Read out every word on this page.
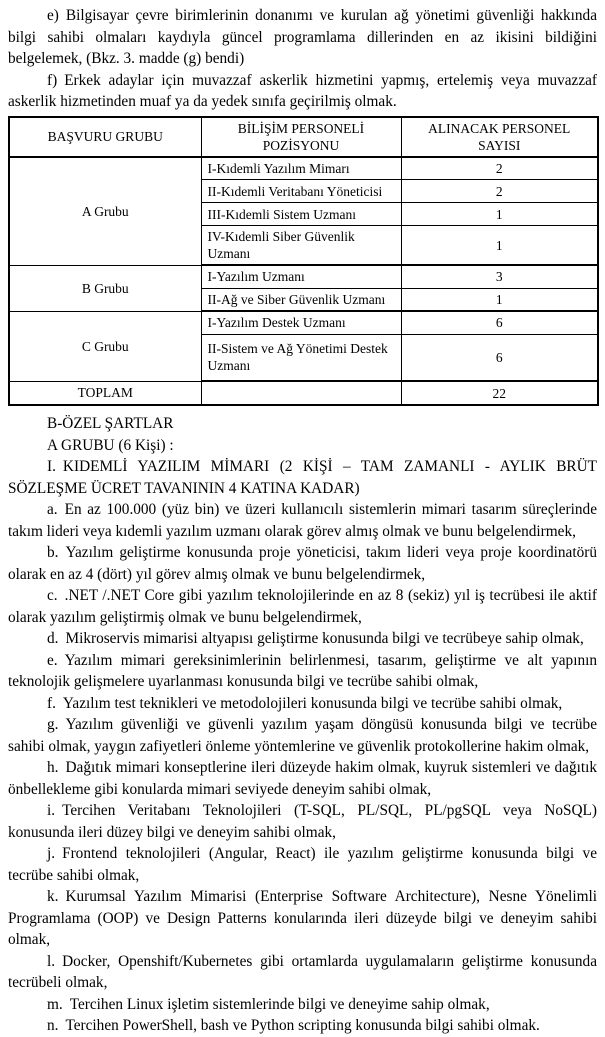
e) Bilgisayar çevre birimlerinin donanımı ve kurulan ağ yönetimi güvenliği hakkında bilgi sahibi olmaları kaydıyla güncel programlama dillerinden en az ikisini bildiğini belgelemek, (Bkz. 3. madde (g) bendi)

f) Erkek adaylar için muvazzaf askerlik hizmetini yapmış, ertelemiş veya muvazzaf askerlik hizmetinden muaf ya da yedek sınıfa geçirilmiş olmak.

BAŞVURU GRUBU	BİLİŞİM PERSONELİ POZİSYONU	ALINACAK PERSONEL SAYISI
A Grubu	I-Kıdemli Yazılım Mimarı	2
	II-Kıdemli Veritabanı Yöneticisi	2
	III-Kıdemli Sistem Uzmanı	1
	IV-Kıdemli Siber Güvenlik Uzmanı	1
B Grubu	I-Yazılım Uzmanı	3
	II-Ağ ve Siber Güvenlik Uzmanı	1
C Grubu	I-Yazılım Destek Uzmanı	6
	II-Sistem ve Ağ Yönetimi Destek Uzmanı	6
TOPLAM		22

B-ÖZEL ŞARTLAR

A GRUBU (6 Kişi) :

I. KIDEMLİ YAZILIM MİMARI (2 KİŞİ – TAM ZAMANLI - AYLIK BRÜT SÖZLEŞME ÜCRET TAVANININ 4 KATINA KADAR)

a. En az 100.000 (yüz bin) ve üzeri kullanıcılı sistemlerin mimari tasarım süreçlerinde takım lideri veya kıdemli yazılım uzmanı olarak görev almış olmak ve bunu belgelendirmek,

b. Yazılım geliştirme konusunda proje yöneticisi, takım lideri veya proje koordinatörü olarak en az 4 (dört) yıl görev almış olmak ve bunu belgelendirmek,

c. .NET /.NET Core gibi yazılım teknolojilerinde en az 8 (sekiz) yıl iş tecrübesi ile aktif olarak yazılım geliştirmiş olmak ve bunu belgelendirmek,

d. Mikroservis mimarisi altyapısı geliştirme konusunda bilgi ve tecrübeye sahip olmak,

e. Yazılım mimari gereksinimlerinin belirlenmesi, tasarım, geliştirme ve alt yapının teknolojik gelişmelere uyarlanması konusunda bilgi ve tecrübe sahibi olmak,

f. Yazılım test teknikleri ve metodolojileri konusunda bilgi ve tecrübe sahibi olmak,

g. Yazılım güvenliği ve güvenli yazılım yaşam döngüsü konusunda bilgi ve tecrübe sahibi olmak, yaygın zafiyetleri önleme yöntemlerine ve güvenlik protokollerine hakim olmak,

h. Dağıtık mimari konseptlerine ileri düzeyde hakim olmak, kuyruk sistemleri ve dağıtık önbellekleme gibi konularda mimari seviyede deneyim sahibi olmak,

i. Tercihen Veritabanı Teknolojileri (T-SQL, PL/SQL, PL/pgSQL veya NoSQL) konusunda ileri düzey bilgi ve deneyim sahibi olmak,

j. Frontend teknolojileri (Angular, React) ile yazılım geliştirme konusunda bilgi ve tecrübe sahibi olmak,

k. Kurumsal Yazılım Mimarisi (Enterprise Software Architecture), Nesne Yönelimli Programlama (OOP) ve Design Patterns konularında ileri düzeyde bilgi ve deneyim sahibi olmak,

l. Docker, Openshift/Kubernetes gibi ortamlarda uygulamaların geliştirme konusunda tecrübeli olmak,

m. Tercihen Linux işletim sistemlerinde bilgi ve deneyime sahip olmak,

n. Tercihen PowerShell, bash ve Python scripting konusunda bilgi sahibi olmak.
